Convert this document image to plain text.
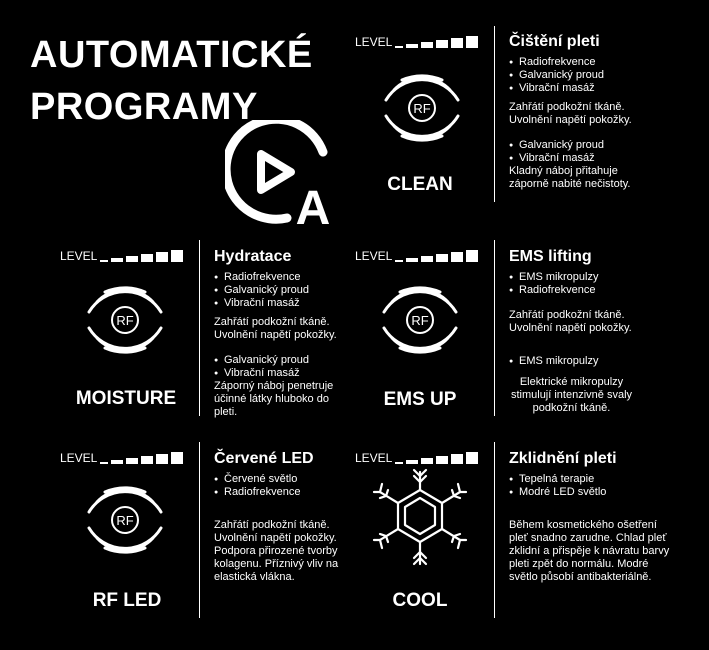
AUTOMATICKÉ
PROGRAMY
A
LEVEL
RF
CLEAN
Čištění pleti
● Radiofrekvence
● Galvanický proud
● Vibrační masáž

Zahřátí podkožní tkáně. Uvolnění napětí pokožky.

● Galvanický proud
● Vibrační masáž

Kladný náboj přitahuje záporně nabité nečistoty.

LEVEL
RF
MOISTURE
Hydratace
● Radiofrekvence
● Galvanický proud
● Vibrační masáž

Zahřátí podkožní tkáně. Uvolnění napětí pokožky.

● Galvanický proud
● Vibrační masáž

Záporný náboj penetruje účinné látky hluboko do pleti.

LEVEL
RF
EMS UP
EMS lifting
● EMS mikropulzy
● Radiofrekvence

Zahřátí podkožní tkáně. Uvolnění napětí pokožky.

● EMS mikropulzy

Elektrické mikropulzy stimulují intenzivně svaly podkožní tkáně.

LEVEL
RF
RF LED
Červené LED
● Červené světlo
● Radiofrekvence

Zahřátí podkožní tkáně. Uvolnění napětí pokožky. Podpora přirozené tvorby kolagenu. Příznivý vliv na elastická vlákna.

LEVEL
COOL
Zklidnění pleti
● Tepelná terapie
● Modré LED světlo

Během kosmetického ošetření pleť snadno zarudne. Chlad pleť zklidní a přispěje k návratu barvy pleti zpět do normálu. Modré světlo působí antibakteriálně.
